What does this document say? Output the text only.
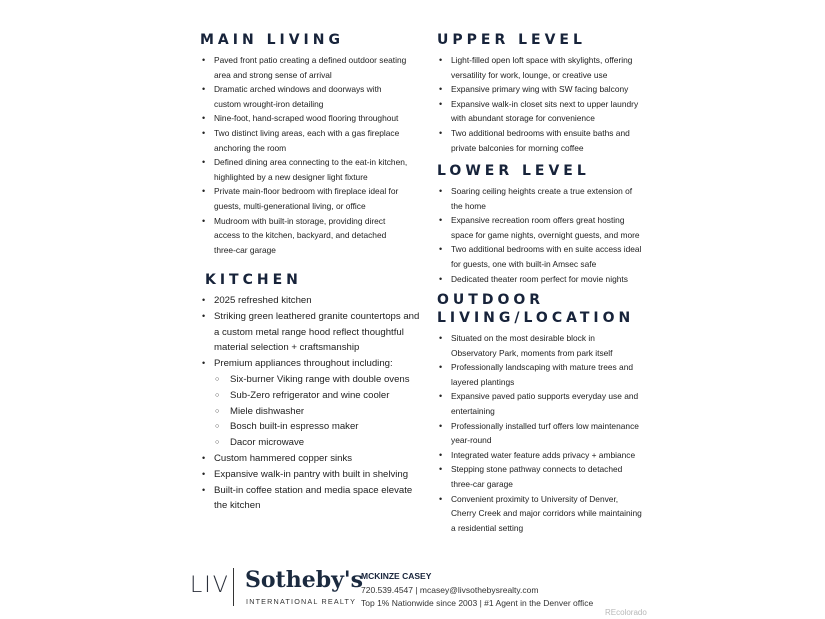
MAIN LIVING
• Paved front patio creating a defined outdoor seating area and strong sense of arrival
• Dramatic arched windows and doorways with custom wrought-iron detailing
• Nine-foot, hand-scraped wood flooring throughout
• Two distinct living areas, each with a gas fireplace anchoring the room
• Defined dining area connecting to the eat-in kitchen, highlighted by a new designer light fixture
• Private main-floor bedroom with fireplace ideal for guests, multi-generational living, or office
• Mudroom with built-in storage, providing direct access to the kitchen, backyard, and detached three-car garage
KITCHEN
• 2025 refreshed kitchen
• Striking green leathered granite countertops and a custom metal range hood reflect thoughtful material selection + craftsmanship
• Premium appliances throughout including:
○ Six-burner Viking range with double ovens
○ Sub-Zero refrigerator and wine cooler
○ Miele dishwasher
○ Bosch built-in espresso maker
○ Dacor microwave
• Custom hammered copper sinks
• Expansive walk-in pantry with built in shelving
• Built-in coffee station and media space elevate the kitchen
UPPER LEVEL
• Light-filled open loft space with skylights, offering versatility for work, lounge, or creative use
• Expansive primary wing with SW facing balcony
• Expansive walk-in closet sits next to upper laundry with abundant storage for convenience
• Two additional bedrooms with ensuite baths and private balconies for morning coffee
LOWER LEVEL
• Soaring ceiling heights create a true extension of the home
• Expansive recreation room offers great hosting space for game nights, overnight guests, and more
• Two additional bedrooms with en suite access ideal for guests, one with built-in Amsec safe
• Dedicated theater room perfect for movie nights
OUTDOOR
LIVING/LOCATION
• Situated on the most desirable block in Observatory Park, moments from park itself
• Professionally landscaping with mature trees and layered plantings
• Expansive paved patio supports everyday use and entertaining
• Professionally installed turf offers low maintenance year-round
• Integrated water feature adds privacy + ambiance
• Stepping stone pathway connects to detached three-car garage
• Convenient proximity to University of Denver, Cherry Creek and major corridors while maintaining a residential setting
LIV Sotheby's
INTERNATIONAL REALTY
MCKINZE CASEY
720.539.4547 | mcasey@livsothebysrealty.com
Top 1% Nationwide since 2003 | #1 Agent in the Denver office
REcolorado
